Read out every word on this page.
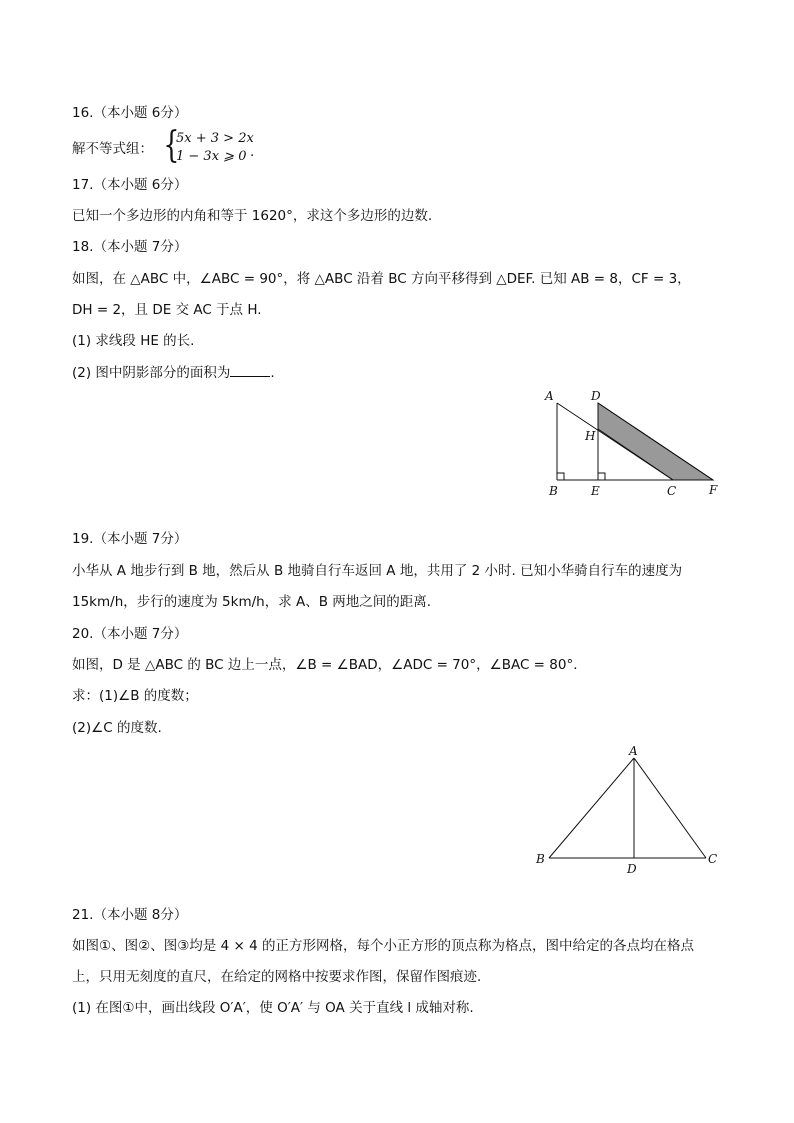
16.（本小题 6分）
解不等式组： {
5x + 3 > 2x
1 − 3x ⩾ 0 .
17.（本小题 6分）
已知一个多边形的内角和等于 1620°，求这个多边形的边数.
18.（本小题 7分）
如图，在 △ABC 中，∠ABC = 90°，将 △ABC 沿着 BC 方向平移得到 △DEF. 已知 AB = 8，CF = 3，
DH = 2，且 DE 交 AC 于点 H.
(1) 求线段 HE 的长.
(2) 图中阴影部分的面积为	.
A	D
H
B	E	C	F
19.（本小题 7分）
小华从 A 地步行到 B 地，然后从 B 地骑自行车返回 A 地，共用了 2 小时. 已知小华骑自行车的速度为
15km/h，步行的速度为 5km/h，求 A、B 两地之间的距离.
20.（本小题 7分）
如图，D 是 △ABC 的 BC 边上一点，∠B = ∠BAD，∠ADC = 70°，∠BAC = 80°.
求：(1)∠B 的度数；
(2)∠C 的度数.
A
B
D
C
21.（本小题 8分）
如图①、图②、图③均是 4 × 4 的正方形网格，每个小正方形的顶点称为格点，图中给定的各点均在格点
上，只用无刻度的直尺，在给定的网格中按要求作图，保留作图痕迹.
(1) 在图①中，画出线段 O′A′，使 O′A′ 与 OA 关于直线 l 成轴对称.
